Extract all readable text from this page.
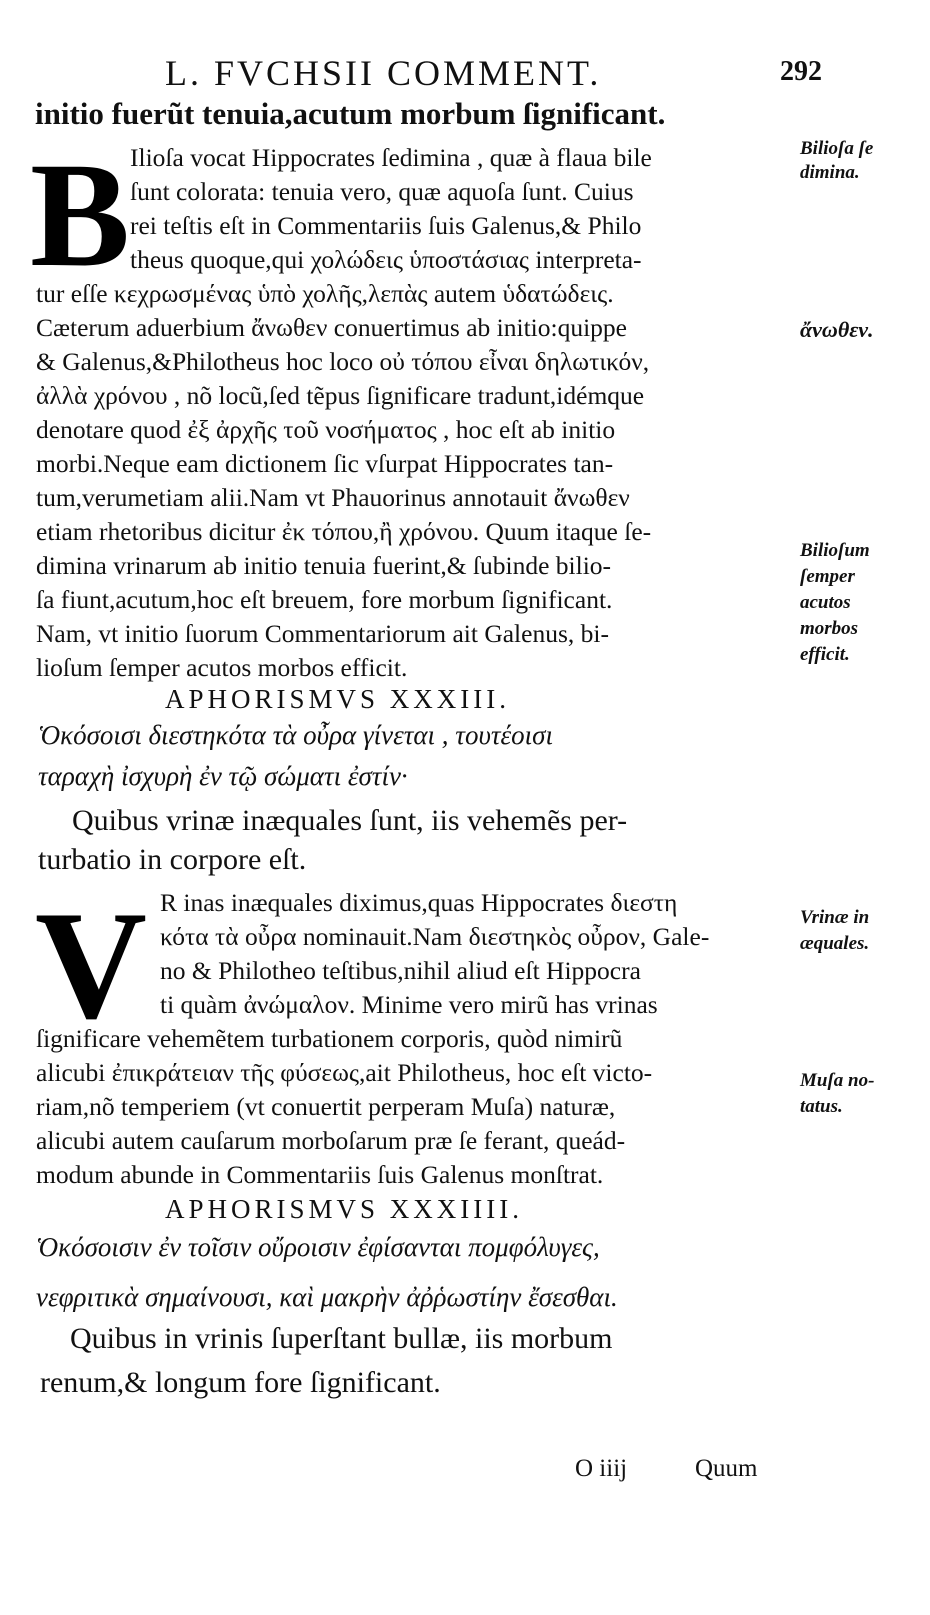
L. FVCHSII COMMENT.	292
initio fuerũt tenuia,acutum morbum ſignificant.
B Ilioſa vocat Hippocrates ſedimina , quæ à flaua bile
ſunt colorata: tenuia vero, quæ aquoſa ſunt. Cuius
rei teſtis eſt in Commentariis ſuis Galenus,& Philo
theus quoque,qui χολώδεις ὑποστάσιας interpreta-
tur eſſe κεχρωσμένας ὑπὸ χολῆς,λεπὰς autem ὑδατώδεις.
Cæterum aduerbium ἄνωθεν conuertimus ab initio:quippe
& Galenus,&Philotheus hoc loco οὐ τόπου εἶναι δηλωτικόν,
ἀλλὰ χρόνου , nõ locũ,ſed tẽpus ſignificare tradunt,idémque
denotare quod ἐξ ἀρχῆς τοῦ νοσήματος , hoc eſt ab initio
morbi.Neque eam dictionem ſic vſurpat Hippocrates tan-
tum,verumetiam alii.Nam vt Phauorinus annotauit ἄνωθεν
etiam rhetoribus dicitur ἐκ τόπου,ἢ χρόνου. Quum itaque ſe-
dimina vrinarum ab initio tenuia fuerint,& ſubinde bilio-
ſa fiunt,acutum,hoc eſt breuem, fore morbum ſignificant.
Nam, vt initio ſuorum Commentariorum ait Galenus, bi-
lioſum ſemper acutos morbos efficit.
APHORISMVS XXXIII.
Ὁκόσοισι διεστηκότα τὰ οὖρα γίνεται , τουτέοισι
ταραχὴ ἰσχυρὴ ἐν τῷ σώματι ἐστίν·
Quibus vrinæ inæquales ſunt, iis vehemẽs per-
turbatio in corpore eſt.
V R inas inæquales diximus,quas Hippocrates διεστη
κότα τὰ οὖρα nominauit.Nam διεστηκὸς οὖρον, Gale-
no & Philotheo teſtibus,nihil aliud eſt Hippocra
ti quàm ἀνώμαλον. Minime vero mirũ has vrinas
ſignificare vehemẽtem turbationem corporis, quòd nimirũ
alicubi ἐπικράτειαν τῆς φύσεως,ait Philotheus, hoc eſt victo-
riam,nõ temperiem (vt conuertit perperam Muſa) naturæ,
alicubi autem cauſarum morboſarum præ ſe ferant, queád-
modum abunde in Commentariis ſuis Galenus monſtrat.
APHORISMVS XXXIIII.
Ὁκόσοισιν ἐν τοῖσιν οὔροισιν ἐφίσανται πομφόλυγες,
νεφριτικὰ σημαίνουσι, καὶ μακρὴν ἀῤῥωστίην ἔσεσθαι.
Quibus in vrinis ſuperſtant bullæ, iis morbum
renum,& longum fore ſignificant.
O iiij	Quum
Bilioſa ſe dimina.
ἄνωθεν.
Bilioſum ſemper acutos morbos efficit.
Vrinæ in æquales.
Muſa no- tatus.
